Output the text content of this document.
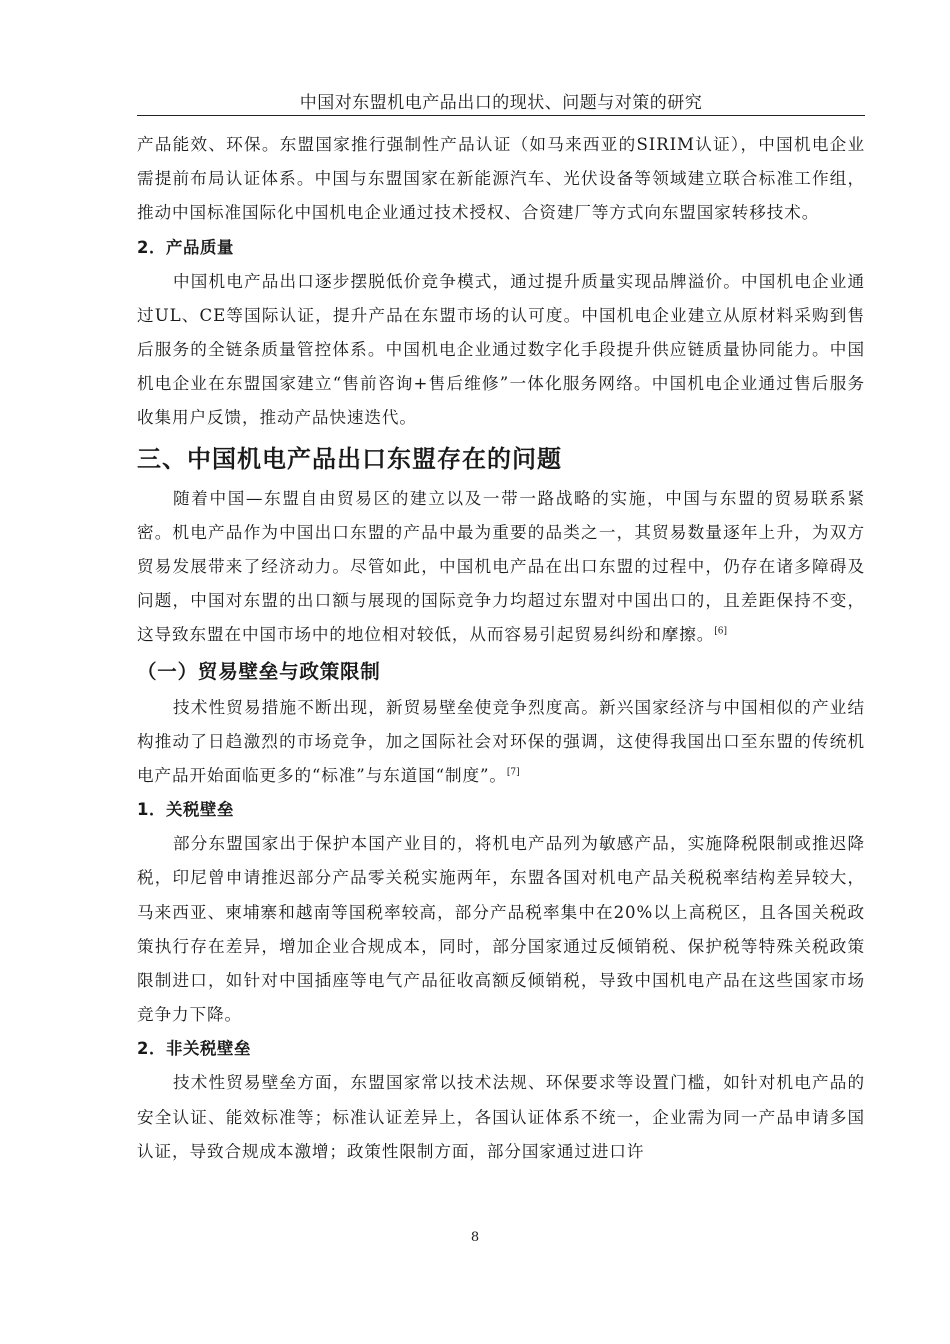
中国对东盟机电产品出口的现状、问题与对策的研究

产品能效、环保。东盟国家推行强制性产品认证（如马来西亚的SIRIM认证），中国机电企业需提前布局认证体系。中国与东盟国家在新能源汽车、光伏设备等领域建立联合标准工作组，推动中国标准国际化中国机电企业通过技术授权、合资建厂等方式向东盟国家转移技术。

2．产品质量

中国机电产品出口逐步摆脱低价竞争模式，通过提升质量实现品牌溢价。中国机电企业通过UL、CE等国际认证，提升产品在东盟市场的认可度。中国机电企业建立从原材料采购到售后服务的全链条质量管控体系。中国机电企业通过数字化手段提升供应链质量协同能力。中国机电企业在东盟国家建立“售前咨询+售后维修”一体化服务网络。中国机电企业通过售后服务收集用户反馈，推动产品快速迭代。

三、中国机电产品出口东盟存在的问题

随着中国—东盟自由贸易区的建立以及一带一路战略的实施，中国与东盟的贸易联系紧密。机电产品作为中国出口东盟的产品中最为重要的品类之一，其贸易数量逐年上升，为双方贸易发展带来了经济动力。尽管如此，中国机电产品在出口东盟的过程中，仍存在诸多障碍及问题，中国对东盟的出口额与展现的国际竞争力均超过东盟对中国出口的，且差距保持不变，这导致东盟在中国市场中的地位相对较低，从而容易引起贸易纠纷和摩擦。[6]

（一）贸易壁垒与政策限制

技术性贸易措施不断出现，新贸易壁垒使竞争烈度高。新兴国家经济与中国相似的产业结构推动了日趋激烈的市场竞争，加之国际社会对环保的强调，这使得我国出口至东盟的传统机电产品开始面临更多的“标准”与东道国“制度”。[7]

1．关税壁垒

部分东盟国家出于保护本国产业目的，将机电产品列为敏感产品，实施降税限制或推迟降税，印尼曾申请推迟部分产品零关税实施两年，东盟各国对机电产品关税税率结构差异较大，马来西亚、柬埔寨和越南等国税率较高，部分产品税率集中在20%以上高税区，且各国关税政策执行存在差异，增加企业合规成本，同时，部分国家通过反倾销税、保护税等特殊关税政策限制进口，如针对中国插座等电气产品征收高额反倾销税，导致中国机电产品在这些国家市场竞争力下降。

2．非关税壁垒

技术性贸易壁垒方面，东盟国家常以技术法规、环保要求等设置门槛，如针对机电产品的安全认证、能效标准等；标准认证差异上，各国认证体系不统一，企业需为同一产品申请多国认证，导致合规成本激增；政策性限制方面，部分国家通过进口许

8
